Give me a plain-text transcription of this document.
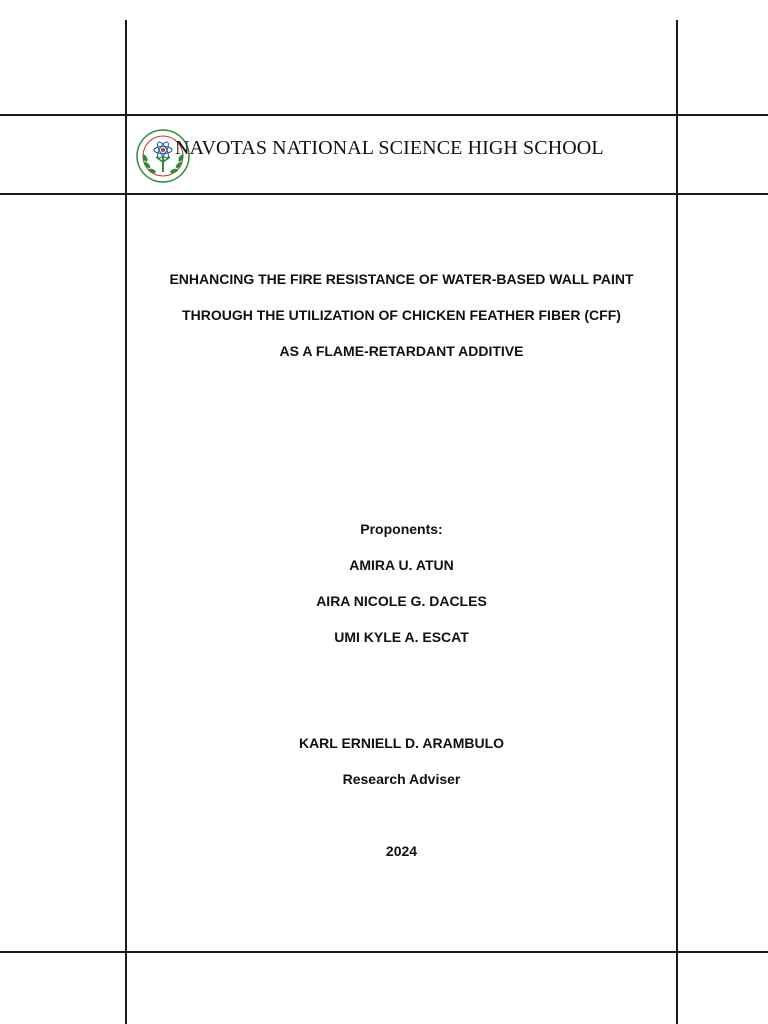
NAVOTAS NATIONAL SCIENCE HIGH SCHOOL
ENHANCING THE FIRE RESISTANCE OF WATER-BASED WALL PAINT
THROUGH THE UTILIZATION OF CHICKEN FEATHER FIBER (CFF)
AS A FLAME-RETARDANT ADDITIVE
Proponents:
AMIRA U. ATUN
AIRA NICOLE G. DACLES
UMI KYLE A. ESCAT
KARL ERNIELL D. ARAMBULO
Research Adviser
2024
